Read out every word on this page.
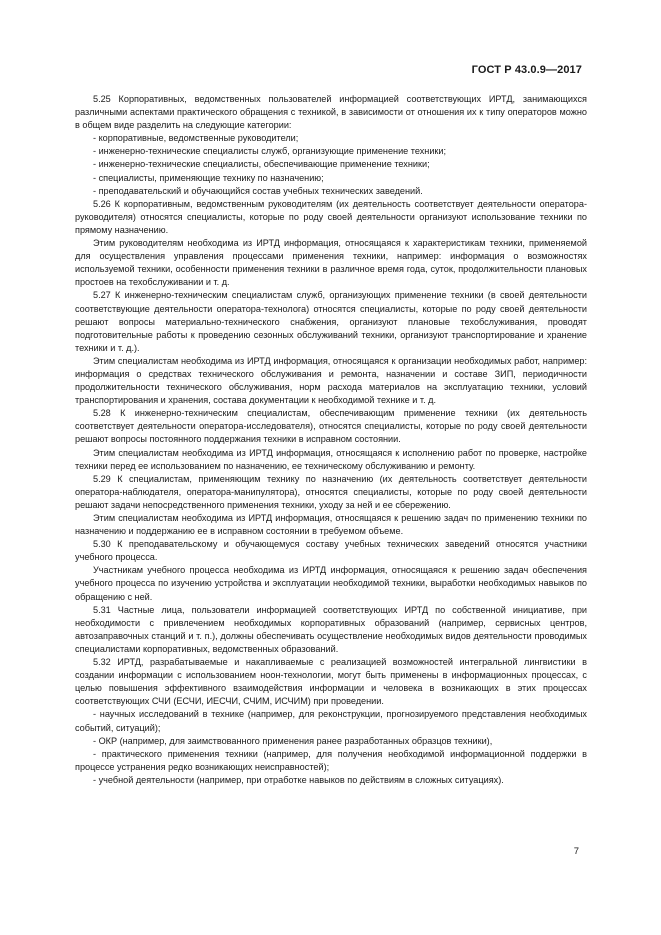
ГОСТ Р 43.0.9—2017

5.25 Корпоративных, ведомственных пользователей информацией соответствующих ИРТД, занимающихся различными аспектами практического обращения с техникой, в зависимости от отношения их к типу операторов можно в общем виде разделить на следующие категории:

- корпоративные, ведомственные руководители;

- инженерно-технические специалисты служб, организующие применение техники;

- инженерно-технические специалисты, обеспечивающие применение техники;

- специалисты, применяющие технику по назначению;

- преподавательский и обучающийся состав учебных технических заведений.

5.26 К корпоративным, ведомственным руководителям (их деятельность соответствует деятельности оператора-руководителя) относятся специалисты, которые по роду своей деятельности организуют использование техники по прямому назначению.

Этим руководителям необходима из ИРТД информация, относящаяся к характеристикам техники, применяемой для осуществления управления процессами применения техники, например: информация о возможностях используемой техники, особенности применения техники в различное время года, суток, продолжительности плановых простоев на техобслуживании и т. д.

5.27 К инженерно-техническим специалистам служб, организующих применение техники (в своей деятельности соответствующие деятельности оператора-технолога) относятся специалисты, которые по роду своей деятельности решают вопросы материально-технического снабжения, организуют плановые техобслуживания, проводят подготовительные работы к проведению сезонных обслуживаний техники, организуют транспортирование и хранение техники и т. д.).

Этим специалистам необходима из ИРТД информация, относящаяся к организации необходимых работ, например: информация о средствах технического обслуживания и ремонта, назначении и составе ЗИП, периодичности продолжительности технического обслуживания, норм расхода материалов на эксплуатацию техники, условий транспортирования и хранения, состава документации к необходимой технике и т. д.

5.28 К инженерно-техническим специалистам, обеспечивающим применение техники (их деятельность соответствует деятельности оператора-исследователя), относятся специалисты, которые по роду своей деятельности решают вопросы постоянного поддержания техники в исправном состоянии.

Этим специалистам необходима из ИРТД информация, относящаяся к исполнению работ по проверке, настройке техники перед ее использованием по назначению, ее техническому обслуживанию и ремонту.

5.29 К специалистам, применяющим технику по назначению (их деятельность соответствует деятельности оператора-наблюдателя, оператора-манипулятора), относятся специалисты, которые по роду своей деятельности решают задачи непосредственного применения техники, уходу за ней и ее сбережению.

Этим специалистам необходима из ИРТД информация, относящаяся к решению задач по применению техники по назначению и поддержанию ее в исправном состоянии в требуемом объеме.

5.30 К преподавательскому и обучающемуся составу учебных технических заведений относятся участники учебного процесса.

Участникам учебного процесса необходима из ИРТД информация, относящаяся к решению задач обеспечения учебного процесса по изучению устройства и эксплуатации необходимой техники, выработки необходимых навыков по обращению с ней.

5.31 Частные лица, пользователи информацией соответствующих ИРТД по собственной инициативе, при необходимости с привлечением необходимых корпоративных образований (например, сервисных центров, автозаправочных станций и т. п.), должны обеспечивать осуществление необходимых видов деятельности проводимых специалистами корпоративных, ведомственных образований.

5.32 ИРТД, разрабатываемые и накапливаемые с реализацией возможностей интегральной лингвистики в создании информации с использованием ноон-технологии, могут быть применены в информационных процессах, с целью повышения эффективного взаимодействия информации и человека в возникающих в этих процессах соответствующих СЧИ (ЕСЧИ, ИЕСЧИ, СЧИМ, ИСЧИМ) при проведении.

- научных исследований в технике (например, для реконструкции, прогнозируемого представления необходимых событий, ситуаций);

- ОКР (например, для заимствованного применения ранее разработанных образцов техники),

- практического применения техники (например, для получения необходимой информационной поддержки в процессе устранения редко возникающих неисправностей);

- учебной деятельности (например, при отработке навыков по действиям в сложных ситуациях).

7
